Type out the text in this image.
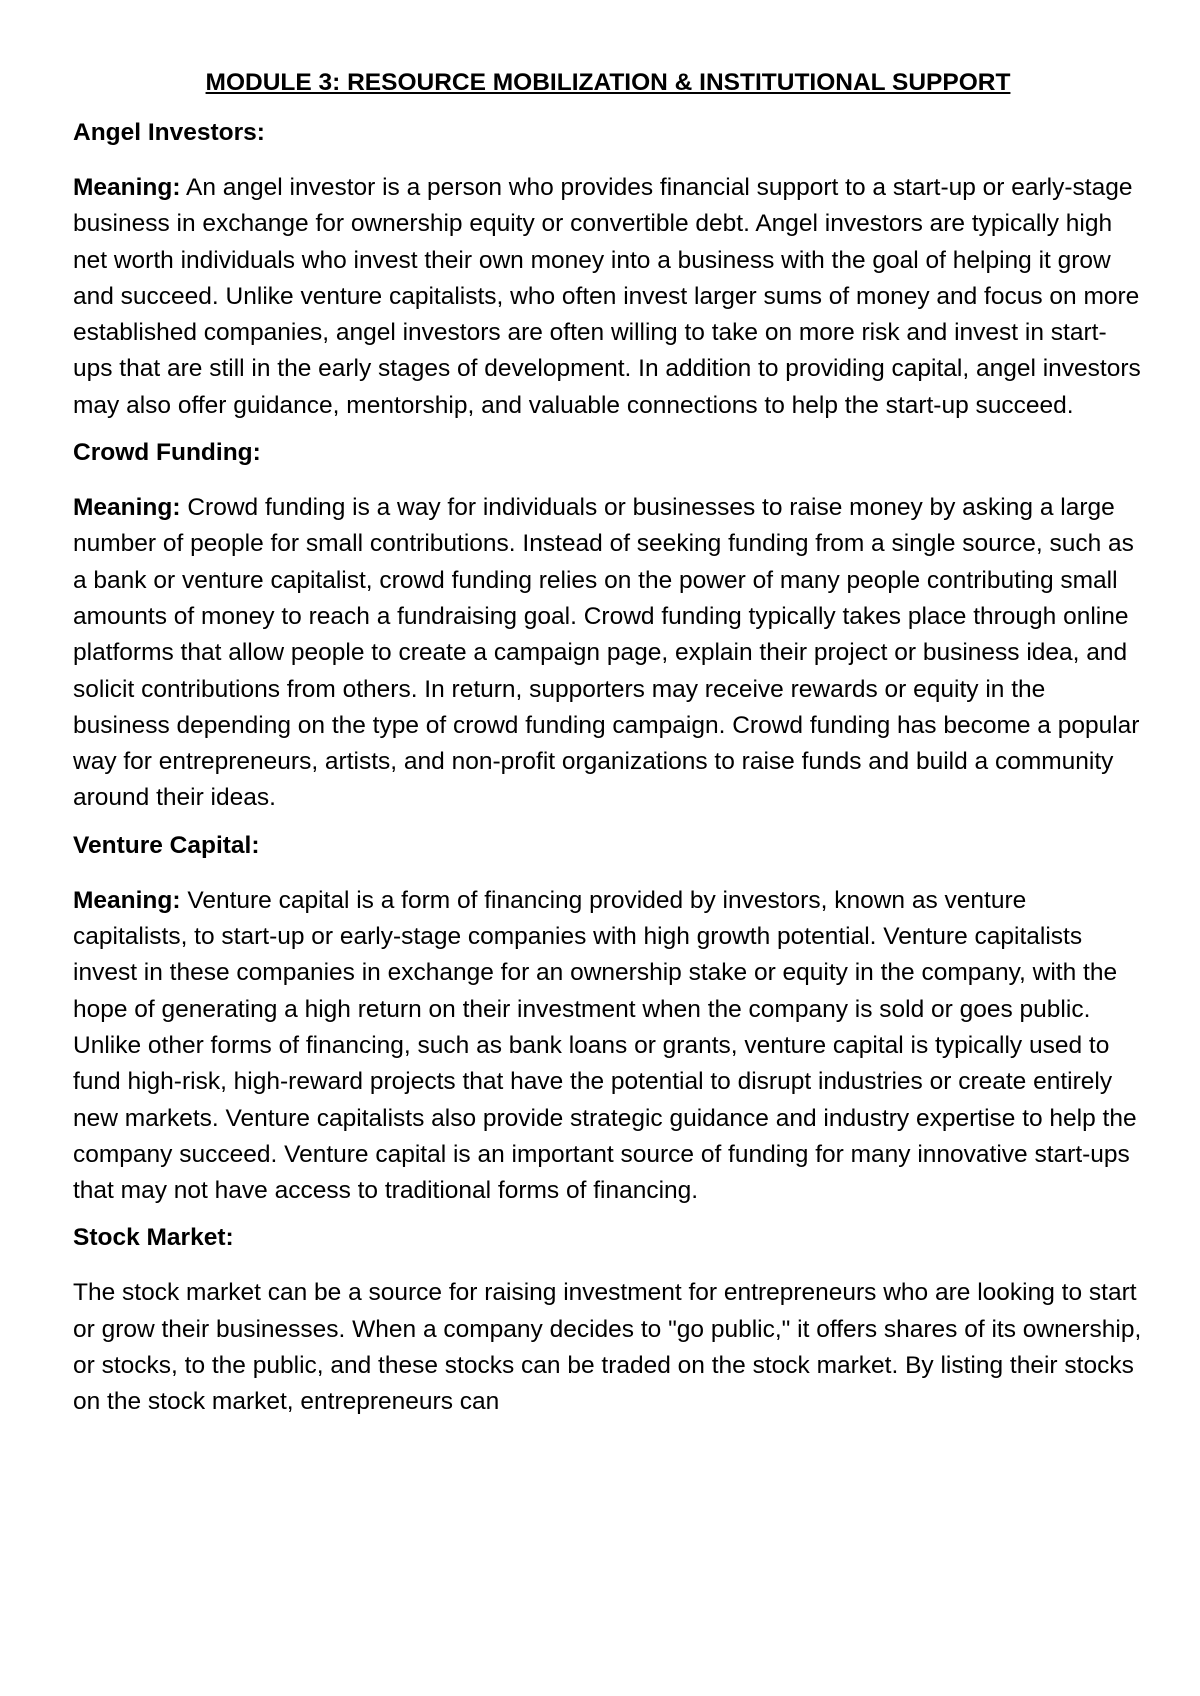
MODULE 3: RESOURCE MOBILIZATION & INSTITUTIONAL SUPPORT
Angel Investors:

Meaning: An angel investor is a person who provides financial support to a start-up or early-stage business in exchange for ownership equity or convertible debt. Angel investors are typically high net worth individuals who invest their own money into a business with the goal of helping it grow and succeed. Unlike venture capitalists, who often invest larger sums of money and focus on more established companies, angel investors are often willing to take on more risk and invest in start-ups that are still in the early stages of development. In addition to providing capital, angel investors may also offer guidance, mentorship, and valuable connections to help the start-up succeed.

Crowd Funding:

Meaning: Crowd funding is a way for individuals or businesses to raise money by asking a large number of people for small contributions. Instead of seeking funding from a single source, such as a bank or venture capitalist, crowd funding relies on the power of many people contributing small amounts of money to reach a fundraising goal. Crowd funding typically takes place through online platforms that allow people to create a campaign page, explain their project or business idea, and solicit contributions from others. In return, supporters may receive rewards or equity in the business depending on the type of crowd funding campaign. Crowd funding has become a popular way for entrepreneurs, artists, and non-profit organizations to raise funds and build a community around their ideas.

Venture Capital:

Meaning: Venture capital is a form of financing provided by investors, known as venture capitalists, to start-up or early-stage companies with high growth potential. Venture capitalists invest in these companies in exchange for an ownership stake or equity in the company, with the hope of generating a high return on their investment when the company is sold or goes public. Unlike other forms of financing, such as bank loans or grants, venture capital is typically used to fund high-risk, high-reward projects that have the potential to disrupt industries or create entirely new markets. Venture capitalists also provide strategic guidance and industry expertise to help the company succeed. Venture capital is an important source of funding for many innovative start-ups that may not have access to traditional forms of financing.

Stock Market:

The stock market can be a source for raising investment for entrepreneurs who are looking to start or grow their businesses. When a company decides to "go public," it offers shares of its ownership, or stocks, to the public, and these stocks can be traded on the stock market. By listing their stocks on the stock market, entrepreneurs can
